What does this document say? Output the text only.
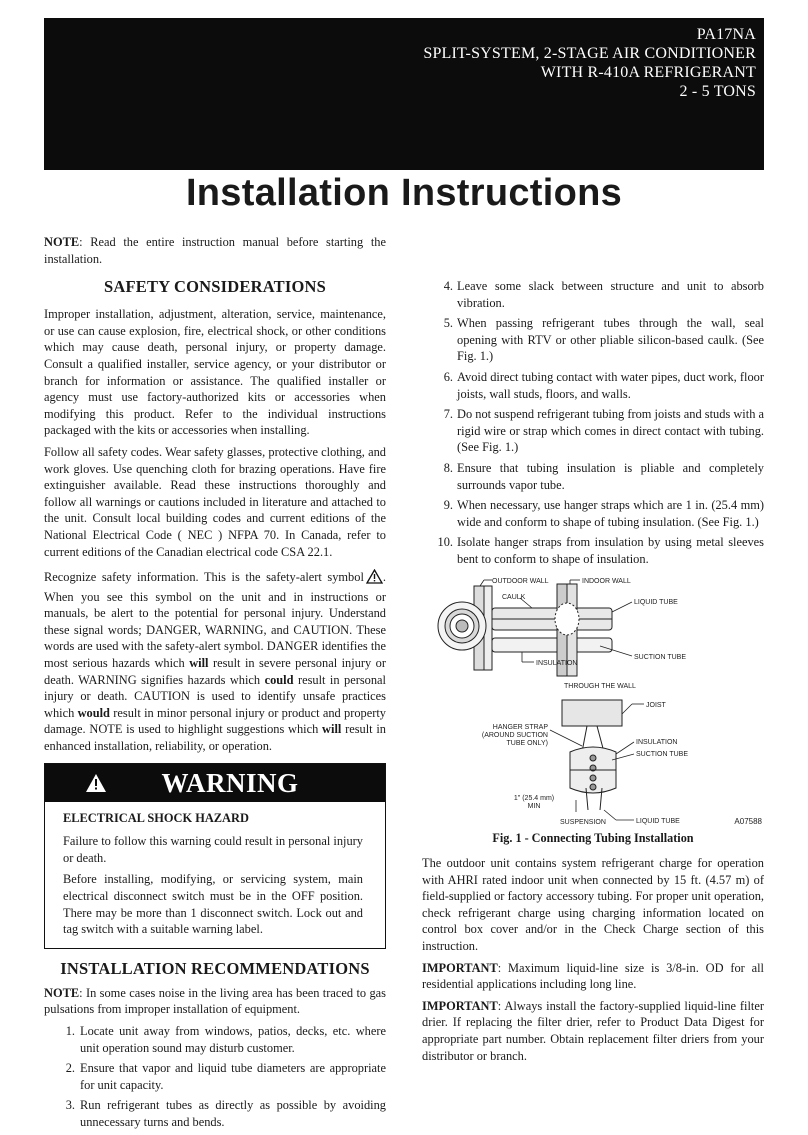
PA17NA
SPLIT-SYSTEM, 2-STAGE AIR CONDITIONER
WITH R-410A REFRIGERANT
2 - 5 TONS
Installation Instructions

NOTE: Read the entire instruction manual before starting the installation.

SAFETY CONSIDERATIONS

Improper installation, adjustment, alteration, service, maintenance, or use can cause explosion, fire, electrical shock, or other conditions which may cause death, personal injury, or property damage. Consult a qualified installer, service agency, or your distributor or branch for information or assistance. The qualified installer or agency must use factory-authorized kits or accessories when modifying this product. Refer to the individual instructions packaged with the kits or accessories when installing.

Follow all safety codes. Wear safety glasses, protective clothing, and work gloves. Use quenching cloth for brazing operations. Have fire extinguisher available. Read these instructions thoroughly and follow all warnings or cautions included in literature and attached to the unit. Consult local building codes and current editions of the National Electrical Code ( NEC ) NFPA 70. In Canada, refer to current editions of the Canadian electrical code CSA 22.1.

Recognize safety information. This is the safety-alert symbol . When you see this symbol on the unit and in instructions or manuals, be alert to the potential for personal injury. Understand these signal words; DANGER, WARNING, and CAUTION. These words are used with the safety-alert symbol. DANGER identifies the most serious hazards which will result in severe personal injury or death. WARNING signifies hazards which could result in personal injury or death. CAUTION is used to identify unsafe practices which would result in minor personal injury or product and property damage. NOTE is used to highlight suggestions which will result in enhanced installation, reliability, or operation.

WARNING
ELECTRICAL SHOCK HAZARD

Failure to follow this warning could result in personal injury or death.

Before installing, modifying, or servicing system, main electrical disconnect switch must be in the OFF position. There may be more than 1 disconnect switch. Lock out and tag switch with a suitable warning label.

INSTALLATION RECOMMENDATIONS

NOTE: In some cases noise in the living area has been traced to gas pulsations from improper installation of equipment.

1. Locate unit away from windows, patios, decks, etc. where unit operation sound may disturb customer.
2. Ensure that vapor and liquid tube diameters are appropriate for unit capacity.
3. Run refrigerant tubes as directly as possible by avoiding unnecessary turns and bends.
4. Leave some slack between structure and unit to absorb vibration.
5. When passing refrigerant tubes through the wall, seal opening with RTV or other pliable silicon-based caulk. (See Fig. 1.)
6. Avoid direct tubing contact with water pipes, duct work, floor joists, wall studs, floors, and walls.
7. Do not suspend refrigerant tubing from joists and studs with a rigid wire or strap which comes in direct contact with tubing.(See Fig. 1.)
8. Ensure that tubing insulation is pliable and completely surrounds vapor tube.
9. When necessary, use hanger straps which are 1 in. (25.4 mm) wide and conform to shape of tubing insulation. (See Fig. 1.)
10. Isolate hanger straps from insulation by using metal sleeves bent to conform to shape of insulation.
OUTDOOR WALL	INDOOR WALL
CAULK
LIQUID TUBE
SUCTION TUBE
INSULATION
THROUGH THE WALL
JOIST
HANGER STRAP
(AROUND SUCTION
TUBE ONLY)	INSULATION
SUCTION TUBE
1" (25.4 mm)
MIN
LIQUID TUBE
SUSPENSION	A07588
Fig. 1 - Connecting Tubing Installation

The outdoor unit contains system refrigerant charge for operation with AHRI rated indoor unit when connected by 15 ft. (4.57 m) of field-supplied or factory accessory tubing. For proper unit operation, check refrigerant charge using charging information located on control box cover and/or in the Check Charge section of this instruction.

IMPORTANT: Maximum liquid-line size is 3/8-in. OD for all residential applications including long line.

IMPORTANT: Always install the factory-supplied liquid-line filter drier. If replacing the filter drier, refer to Product Data Digest for appropriate part number. Obtain replacement filter driers from your distributor or branch.
